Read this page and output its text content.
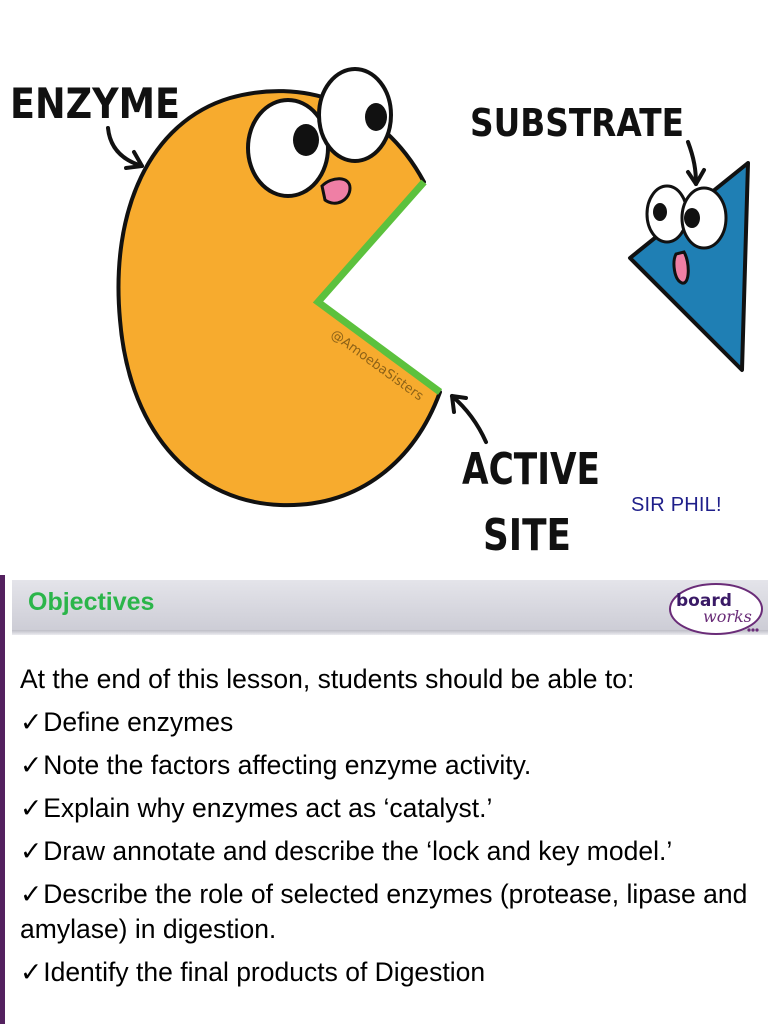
@AmoebaSisters
ENZYME	SUBSTRATE
ACTIVE
SITE
SIR PHIL!
Objectives	board
works
At the end of this lesson, students should be able to:
✓Define enzymes
✓Note the factors affecting enzyme activity.
✓Explain why enzymes act as ‘catalyst.’
✓Draw annotate and describe the ‘lock and key model.’
✓Describe the role of selected enzymes (protease, lipase and amylase) in digestion.
✓Identify the final products of Digestion
